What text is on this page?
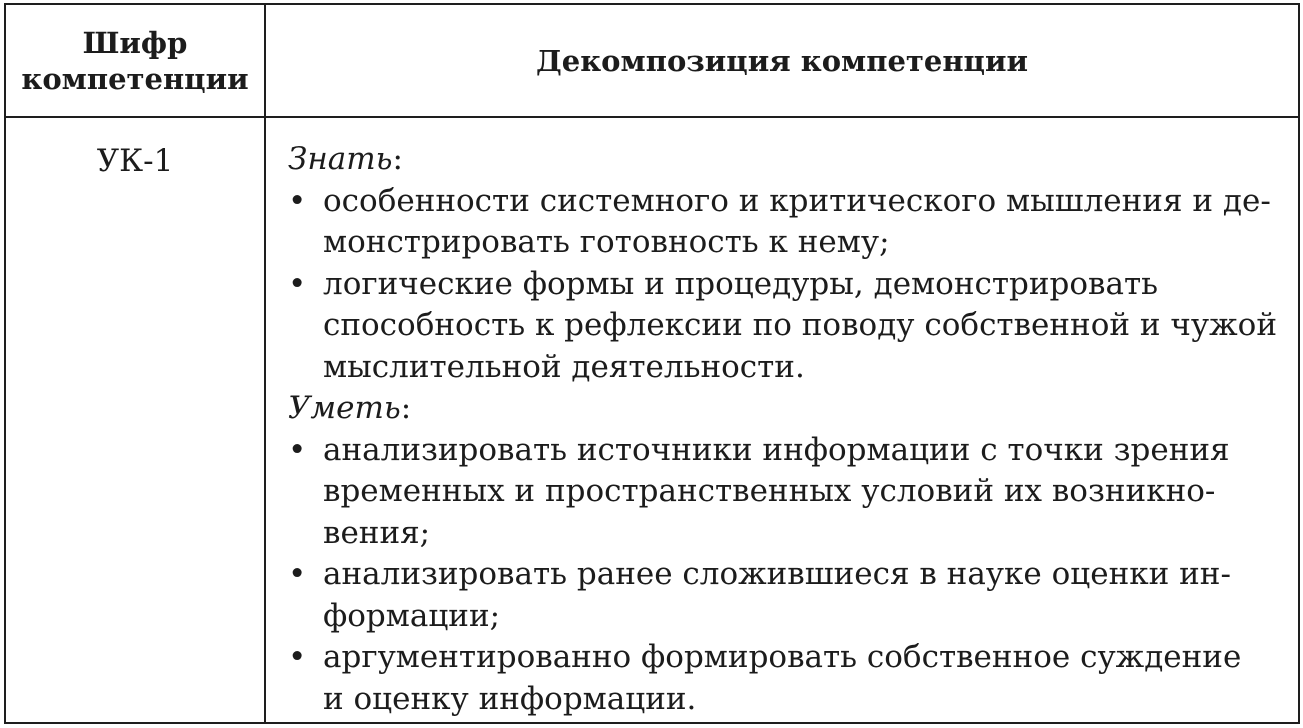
Шифр
компетенции
Декомпозиция компетенции
УК-1	Знать:
• особенности системного и критического мышления и де-
монстрировать готовность к нему;
• логические формы и процедуры, демонстрировать
способность к рефлексии по поводу собственной и чужой
мыслительной деятельности.
Уметь:
• анализировать источники информации с точки зрения
временных и пространственных условий их возникно-
вения;
• анализировать ранее сложившиеся в науке оценки ин-
формации;
• аргументированно формировать собственное суждение
и оценку информации.
